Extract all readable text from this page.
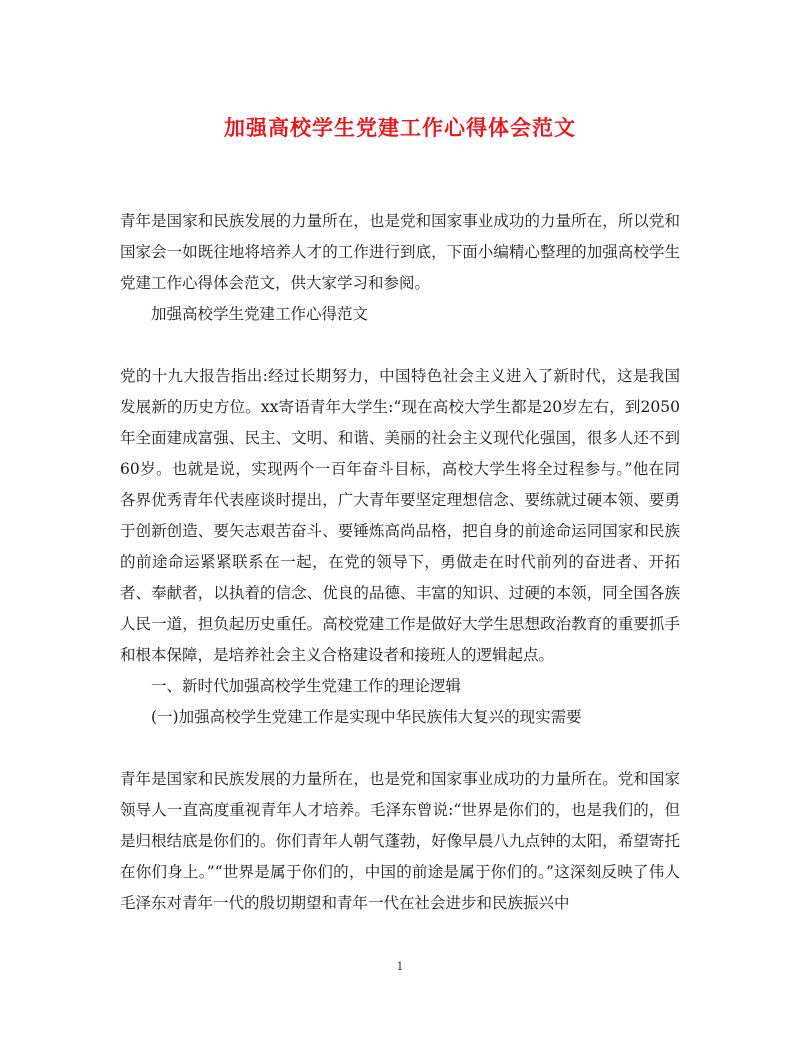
加强高校学生党建工作心得体会范文

青年是国家和民族发展的力量所在，也是党和国家事业成功的力量所在，所以党和国家会一如既往地将培养人才的工作进行到底，下面小编精心整理的加强高校学生党建工作心得体会范文，供大家学习和参阅。

加强高校学生党建工作心得范文

党的十九大报告指出:经过长期努力，中国特色社会主义进入了新时代，这是我国发展新的历史方位。xx寄语青年大学生:“现在高校大学生都是20岁左右，到2050年全面建成富强、民主、文明、和谐、美丽的社会主义现代化强国，很多人还不到60岁。也就是说，实现两个一百年奋斗目标，高校大学生将全过程参与。”他在同各界优秀青年代表座谈时提出，广大青年要坚定理想信念、要练就过硬本领、要勇于创新创造、要矢志艰苦奋斗、要锤炼高尚品格，把自身的前途命运同国家和民族的前途命运紧紧联系在一起，在党的领导下，勇做走在时代前列的奋进者、开拓者、奉献者，以执着的信念、优良的品德、丰富的知识、过硬的本领，同全国各族人民一道，担负起历史重任。高校党建工作是做好大学生思想政治教育的重要抓手和根本保障，是培养社会主义合格建设者和接班人的逻辑起点。

一、新时代加强高校学生党建工作的理论逻辑

(一)加强高校学生党建工作是实现中华民族伟大复兴的现实需要

青年是国家和民族发展的力量所在，也是党和国家事业成功的力量所在。党和国家领导人一直高度重视青年人才培养。毛泽东曾说:“世界是你们的，也是我们的，但是归根结底是你们的。你们青年人朝气蓬勃，好像早晨八九点钟的太阳，希望寄托在你们身上。”“世界是属于你们的，中国的前途是属于你们的。”这深刻反映了伟人毛泽东对青年一代的殷切期望和青年一代在社会进步和民族振兴中

1
